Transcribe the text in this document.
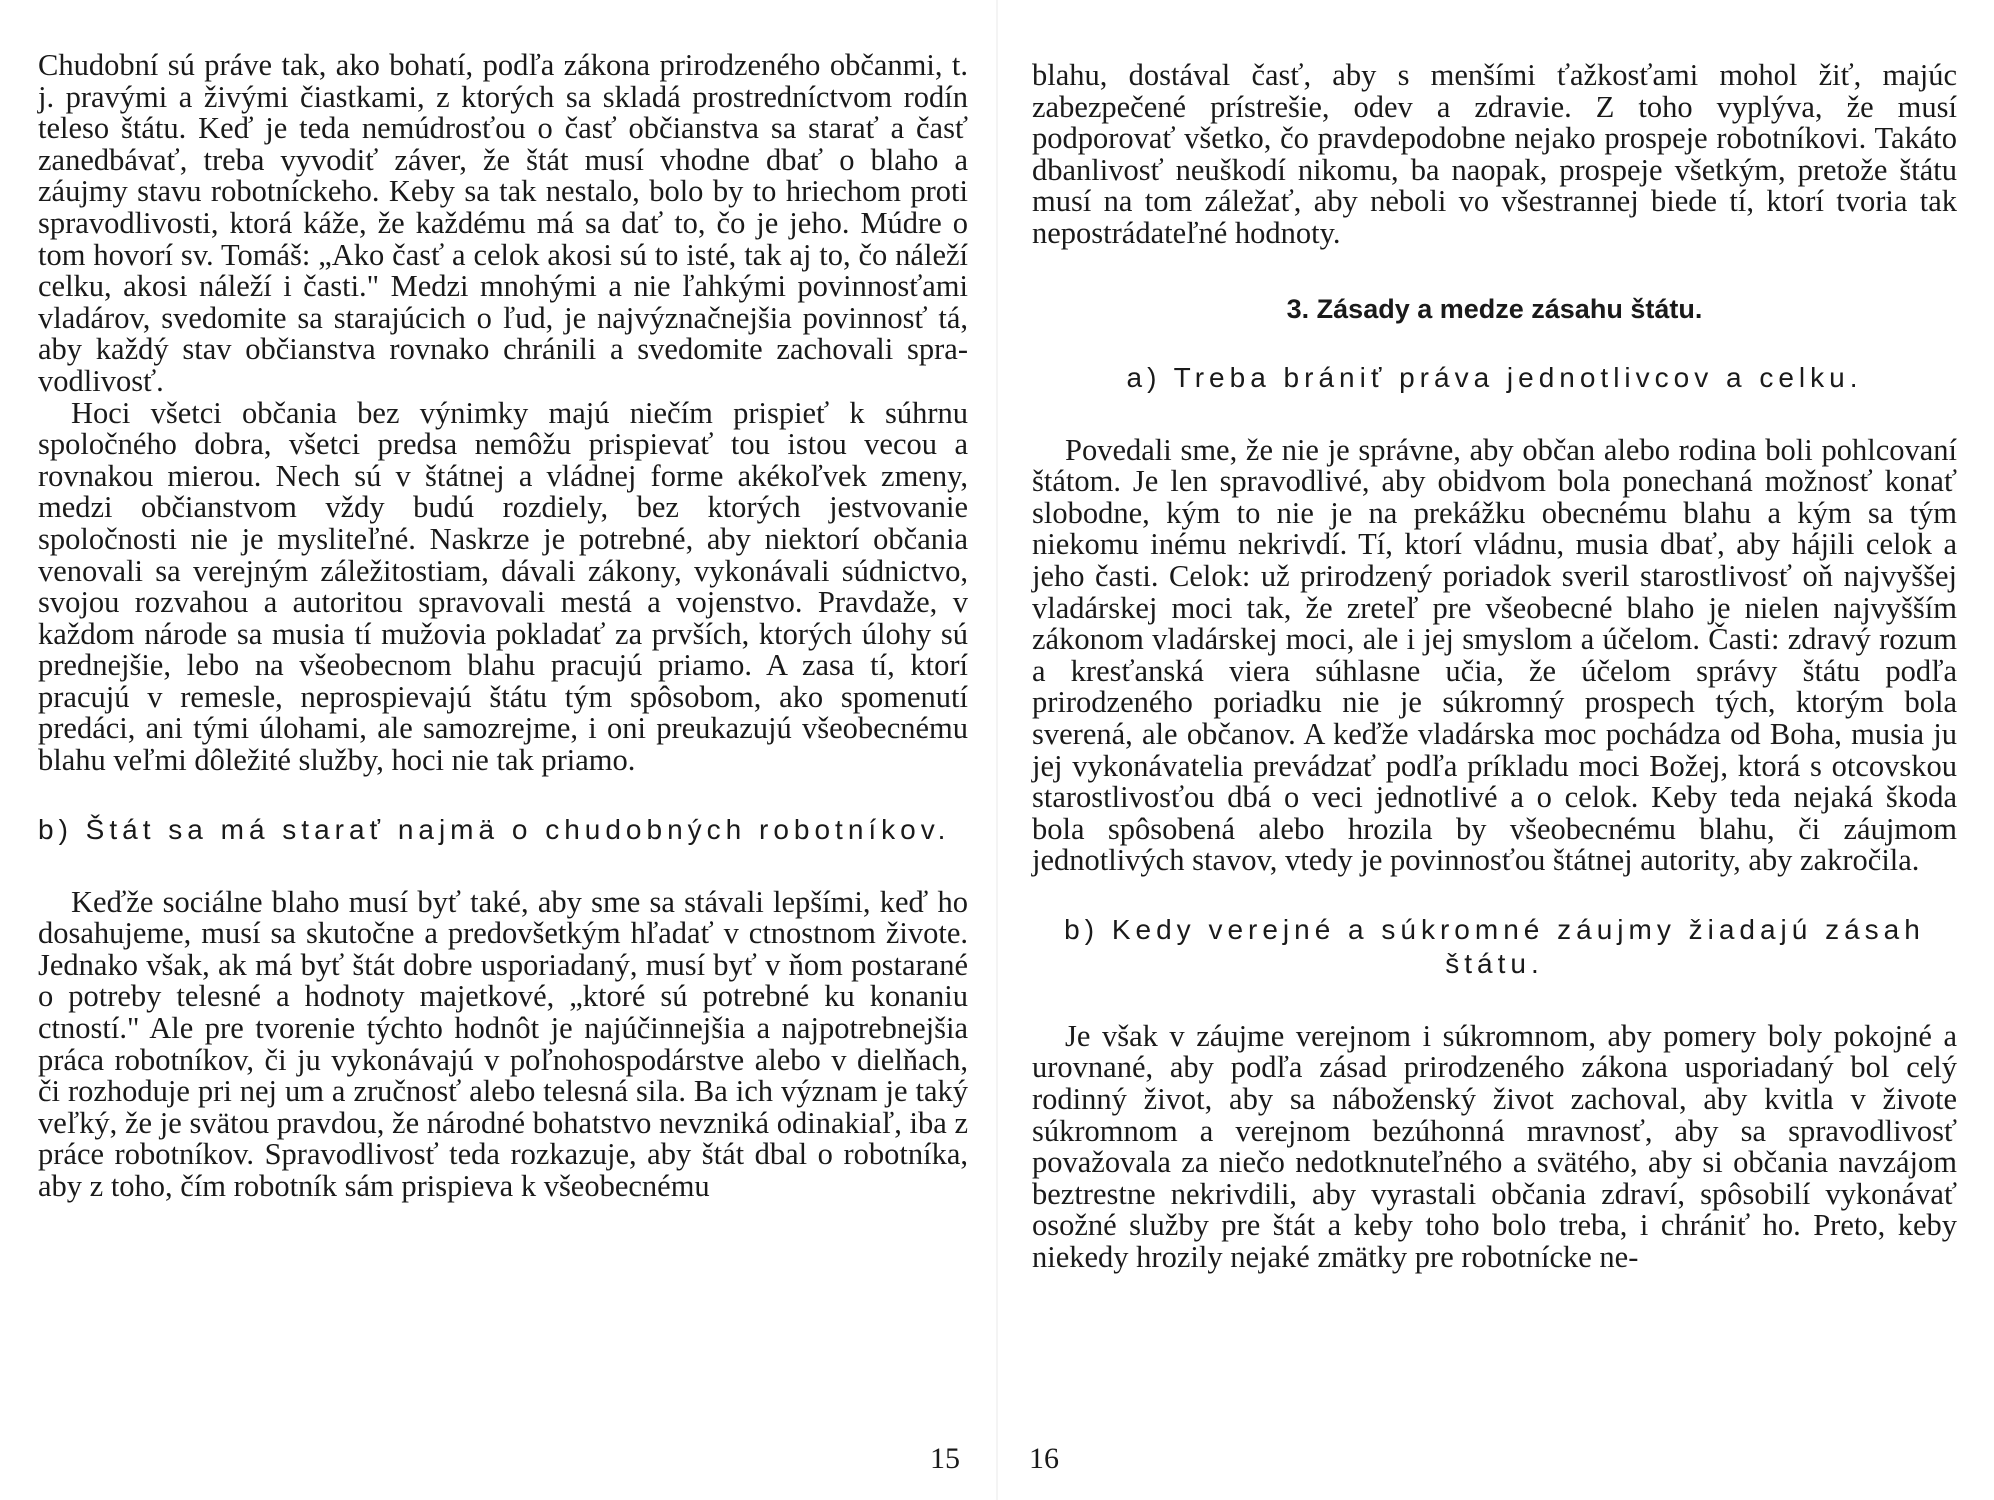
Chudobní sú práve tak, ako bohatí, podľa zákona prirodzeného občanmi, t. j. pravými a živými čiastkami, z ktorých sa skladá prostredníctvom rodín teleso štátu. Keď je teda nemúdrosťou o časť občianstva sa starať a časť zanedbávať, treba vyvodiť záver, že štát musí vhodne dbať o blaho a záujmy stavu robotníckeho. Keby sa tak nestalo, bolo by to hriechom proti spravodlivosti, ktorá káže, že každému má sa dať to, čo je jeho. Múdre o tom hovorí sv. Tomáš: „Ako časť a celok akosi sú to isté, tak aj to, čo náleží celku, akosi náleží i časti." Medzi mnohými a nie ľahkými povinnosťami vladárov, svedomite sa starajúcich o ľud, je najvýznačnejšia povinnosť tá, aby každý stav občianstva rovnako chránili a svedomite zachovali spravodlivosť.

Hoci všetci občania bez výnimky majú niečím prispieť k súhrnu spoločného dobra, všetci predsa nemôžu prispievať tou istou vecou a rovnakou mierou. Nech sú v štátnej a vládnej forme akékoľvek zmeny, medzi občianstvom vždy budú rozdiely, bez ktorých jestvovanie spoločnosti nie je mysliteľné. Naskrze je potrebné, aby niektorí občania venovali sa verejným záležitostiam, dávali zákony, vykonávali súdnictvo, svojou rozvahou a autoritou spravovali mestá a vojenstvo. Pravdaže, v každom národe sa musia tí mužovia pokladať za prvších, ktorých úlohy sú prednejšie, lebo na všeobecnom blahu pracujú priamo. A zasa tí, ktorí pracujú v remesle, neprospievajú štátu tým spôsobom, ako spomenutí predáci, ani tými úlohami, ale samozrejme, i oni preukazujú všeobecnému blahu veľmi dôležité služby, hoci nie tak priamo.

b) Štát sa má starať najmä o chudobných robotníkov.

Keďže sociálne blaho musí byť také, aby sme sa stávali lepšími, keď ho dosahujeme, musí sa skutočne a predovšetkým hľadať v ctnostnom živote. Jednako však, ak má byť štát dobre usporiadaný, musí byť v ňom postarané o potreby telesné a hodnoty majetkové, „ktoré sú potrebné ku konaniu ctností." Ale pre tvorenie týchto hodnôt je najúčinnejšia a najpotrebnejšia práca robotníkov, či ju vykonávajú v poľnohospodárstve alebo v dielňach, či rozhoduje pri nej um a zručnosť alebo telesná sila. Ba ich význam je taký veľký, že je svätou pravdou, že národné bohatstvo nevzniká odinakiaľ, iba z práce robotníkov. Spravodlivosť teda rozkazuje, aby štát dbal o robotníka, aby z toho, čím robotník sám prispieva k všeobecnému

15

blahu, dostával časť, aby s menšími ťažkosťami mohol žiť, majúc zabezpečené prístrešie, odev a zdravie. Z toho vyplýva, že musí podporovať všetko, čo pravdepodobne nejako prospeje robotníkovi. Takáto dbanlivosť neuškodí nikomu, ba naopak, prospeje všetkým, pretože štátu musí na tom záležať, aby neboli vo všestrannej biede tí, ktorí tvoria tak nepostrádateľné hodnoty.

3. Zásady a medze zásahu štátu.
a) Treba brániť práva jednotlivcov a celku.

Povedali sme, že nie je správne, aby občan alebo rodina boli pohlcovaní štátom. Je len spravodlivé, aby obidvom bola ponechaná možnosť konať slobodne, kým to nie je na prekážku obecnému blahu a kým sa tým niekomu inému nekrivdí. Tí, ktorí vládnu, musia dbať, aby hájili celok a jeho časti. Celok: už prirodzený poriadok sveril starostlivosť oň najvyššej vladárskej moci tak, že zreteľ pre všeobecné blaho je nielen najvyšším zákonom vladárskej moci, ale i jej smyslom a účelom. Časti: zdravý rozum a kresťanská viera súhlasne učia, že účelom správy štátu podľa prirodzeného poriadku nie je súkromný prospech tých, ktorým bola sverená, ale občanov. A keďže vladárska moc pochádza od Boha, musia ju jej vykonávatelia prevádzať podľa príkladu moci Božej, ktorá s otcovskou starostlivosťou dbá o veci jednotlivé a o celok. Keby teda nejaká škoda bola spôsobená alebo hrozila by všeobecnému blahu, či záujmom jednotlivých stavov, vtedy je povinnosťou štátnej autority, aby zakročila.

b) Kedy verejné a súkromné záujmy žiadajú zásah štátu.

Je však v záujme verejnom i súkromnom, aby pomery boly pokojné a urovnané, aby podľa zásad prirodzeného zákona usporiadaný bol celý rodinný život, aby sa náboženský život zachoval, aby kvitla v živote súkromnom a verejnom bezúhonná mravnosť, aby sa spravodlivosť považovala za niečo nedotknuteľného a svätého, aby si občania navzájom beztrestne nekrivdili, aby vyrastali občania zdraví, spôsobilí vykonávať osožné služby pre štát a keby toho bolo treba, i chrániť ho. Preto, keby niekedy hrozily nejaké zmätky pre robotnícke ne-

16
